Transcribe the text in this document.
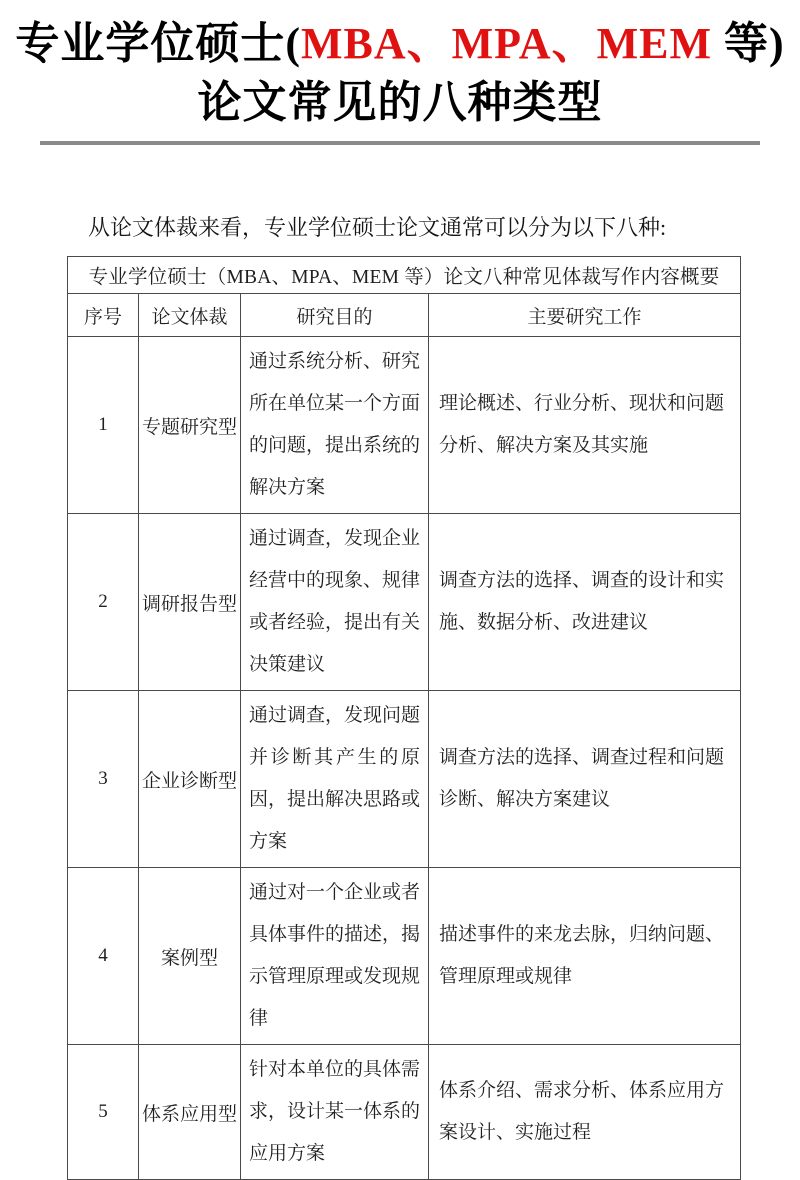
专业学位硕士(MBA、MPA、MEM 等)
论文常见的八种类型

从论文体裁来看，专业学位硕士论文通常可以分为以下八种:

专业学位硕士（MBA、MPA、MEM 等）论文八种常见体裁写作内容概要			
序号	论文体裁	研究目的	主要研究工作
1	专题研究型	通过系统分析、研究所在单位某一个方面的问题，提出系统的解决方案	理论概述、行业分析、现状和问题分析、解决方案及其实施
2	调研报告型	通过调查，发现企业经营中的现象、规律或者经验，提出有关决策建议	调查方法的选择、调查的设计和实施、数据分析、改进建议
3	企业诊断型	通过调查，发现问题并诊断其产生的原因，提出解决思路或方案	调查方法的选择、调查过程和问题诊断、解决方案建议
4	案例型	通过对一个企业或者具体事件的描述，揭示管理原理或发现规律	描述事件的来龙去脉，归纳问题、管理原理或规律
5	体系应用型	针对本单位的具体需求，设计某一体系的应用方案	体系介绍、需求分析、体系应用方案设计、实施过程
